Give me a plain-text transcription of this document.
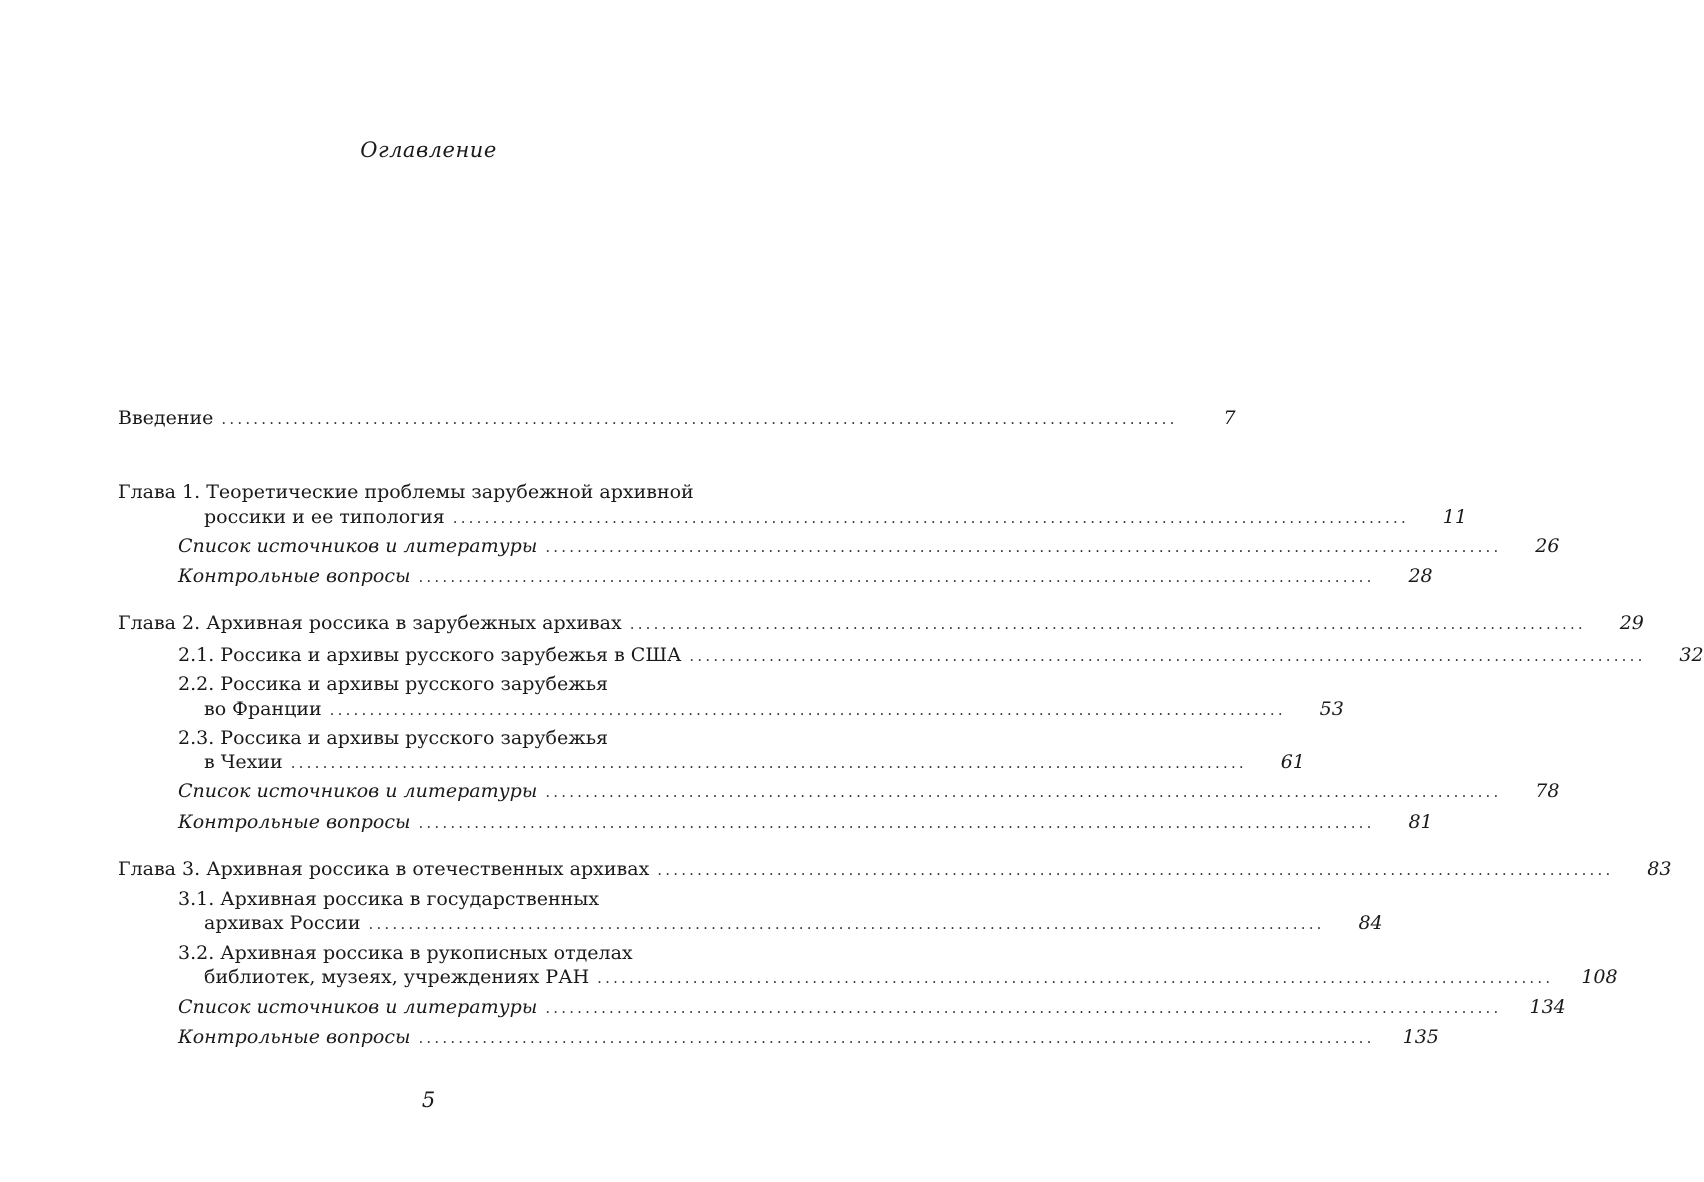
Оглавление
Введение ........................................................................................................................	7
Глава 1. Теоретические проблемы зарубежной архивной
россики и ее типология ........................................................................................................................	11
Список источников и литературы ........................................................................................................................	26
Контрольные вопросы ........................................................................................................................	28
Глава 2. Архивная россика в зарубежных архивах ........................................................................................................................	29
2.1. Россика и архивы русского зарубежья в США ........................................................................................................................	32
2.2. Россика и архивы русского зарубежья
во Франции ........................................................................................................................	53
2.3. Россика и архивы русского зарубежья
в Чехии ........................................................................................................................	61
Список источников и литературы ........................................................................................................................	78
Контрольные вопросы ........................................................................................................................	81
Глава 3. Архивная россика в отечественных архивах ........................................................................................................................	83
3.1. Архивная россика в государственных
архивах России ........................................................................................................................	84
3.2. Архивная россика в рукописных отделах
библиотек, музеях, учреждениях РАН ........................................................................................................................ 108
Список источников и литературы ........................................................................................................................ 134
Контрольные вопросы ........................................................................................................................ 135
5
